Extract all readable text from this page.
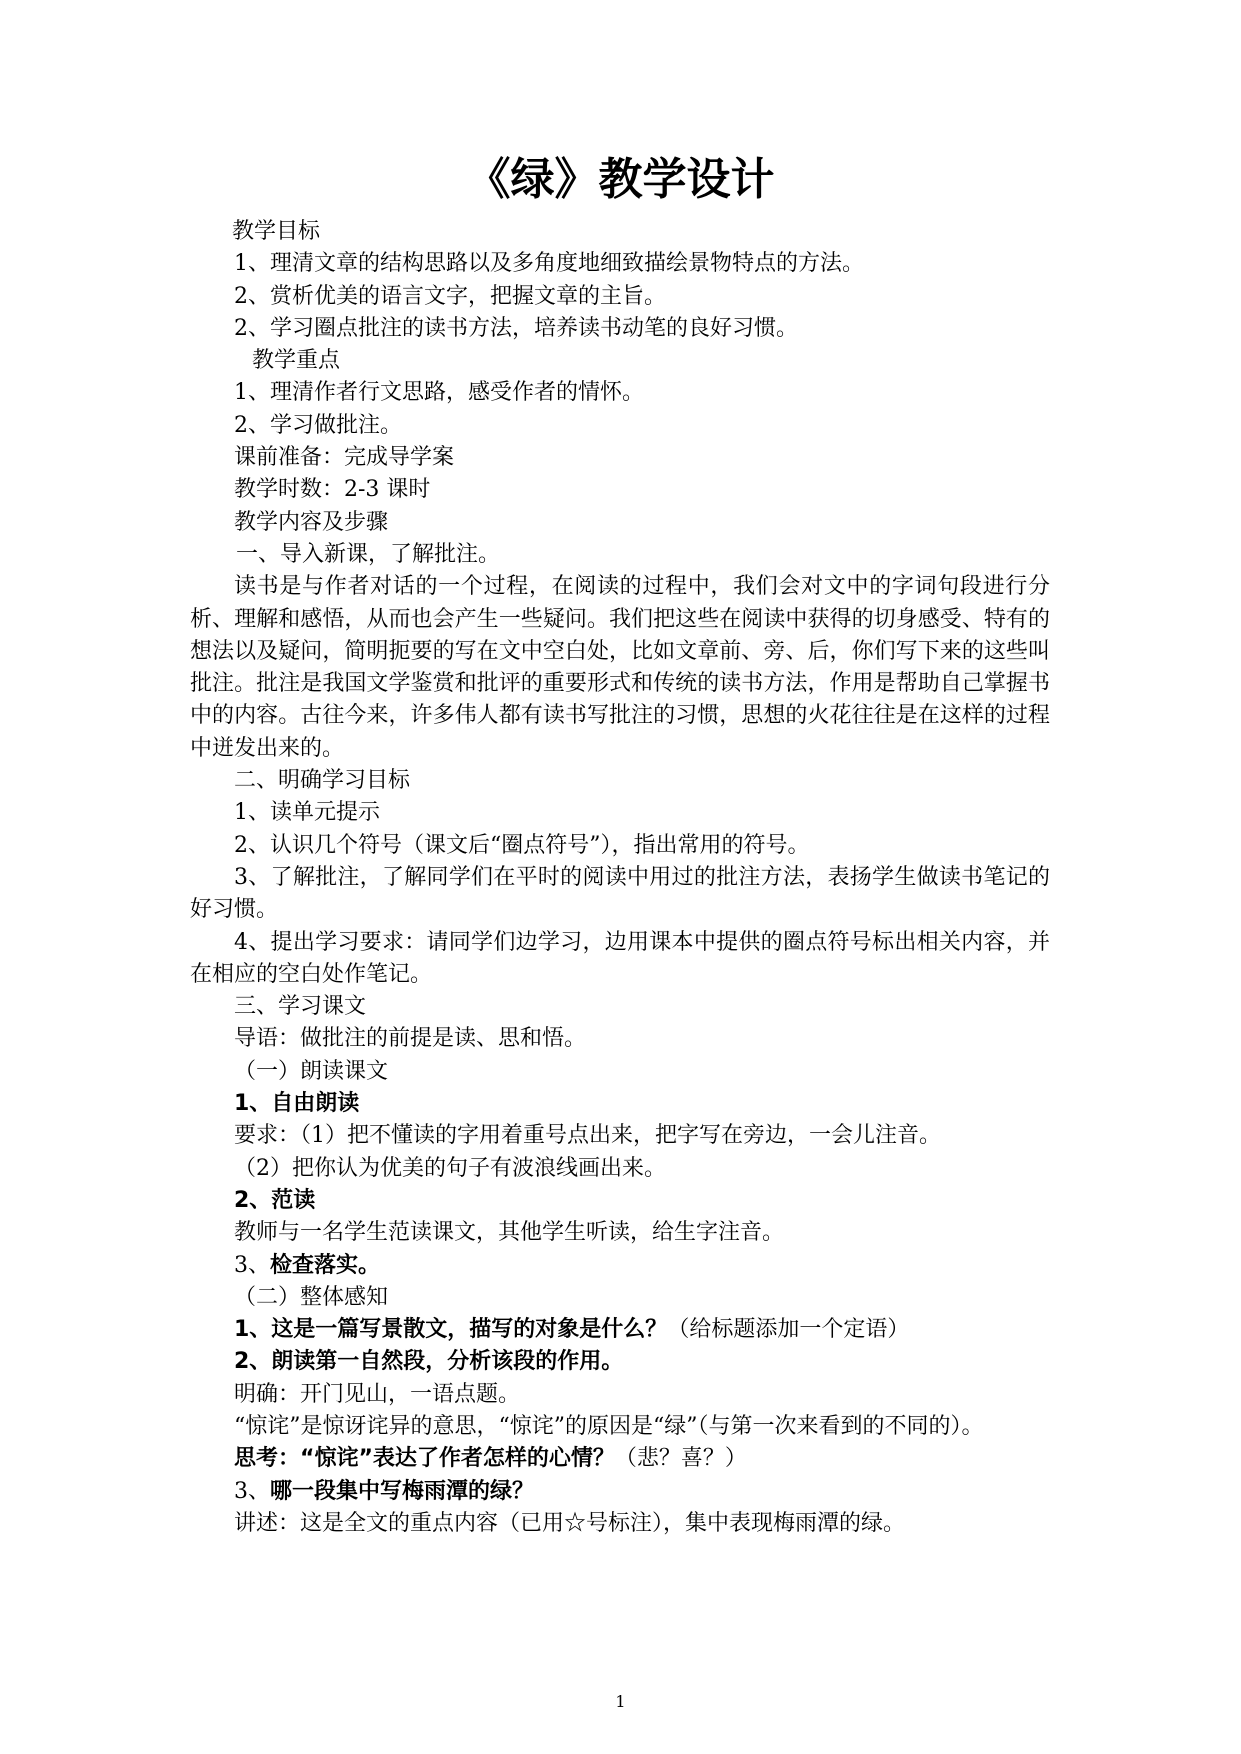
《绿》教学设计

教学目标

1、理清文章的结构思路以及多角度地细致描绘景物特点的方法。

2、赏析优美的语言文字，把握文章的主旨。

2、学习圈点批注的读书方法，培养读书动笔的良好习惯。

教学重点

1、理清作者行文思路，感受作者的情怀。

2、学习做批注。

课前准备：完成导学案

教学时数：2-3 课时

教学内容及步骤

一、导入新课，了解批注。

读书是与作者对话的一个过程，在阅读的过程中，我们会对文中的字词句段进行分析、理解和感悟，从而也会产生一些疑问。我们把这些在阅读中获得的切身感受、特有的想法以及疑问，简明扼要的写在文中空白处，比如文章前、旁、后，你们写下来的这些叫批注。批注是我国文学鉴赏和批评的重要形式和传统的读书方法，作用是帮助自己掌握书中的内容。古往今来，许多伟人都有读书写批注的习惯，思想的火花往往是在这样的过程中迸发出来的。

二、明确学习目标

1、读单元提示

2、认识几个符号（课文后“圈点符号”），指出常用的符号。

3、了解批注，了解同学们在平时的阅读中用过的批注方法，表扬学生做读书笔记的好习惯。

4、提出学习要求：请同学们边学习，边用课本中提供的圈点符号标出相关内容，并在相应的空白处作笔记。

三、学习课文

导语：做批注的前提是读、思和悟。

（一）朗读课文

1、自由朗读

要求：（1）把不懂读的字用着重号点出来，把字写在旁边，一会儿注音。

（2）把你认为优美的句子有波浪线画出来。

2、范读

教师与一名学生范读课文，其他学生听读，给生字注音。

3、检查落实。

（二）整体感知

1、这是一篇写景散文，描写的对象是什么？（给标题添加一个定语）

2、朗读第一自然段，分析该段的作用。

明确：开门见山，一语点题。

“惊诧”是惊讶诧异的意思，“惊诧”的原因是“绿”（与第一次来看到的不同的）。

思考：“惊诧”表达了作者怎样的心情？（悲？喜？）

3、哪一段集中写梅雨潭的绿？

讲述：这是全文的重点内容（已用☆号标注），集中表现梅雨潭的绿。

1
